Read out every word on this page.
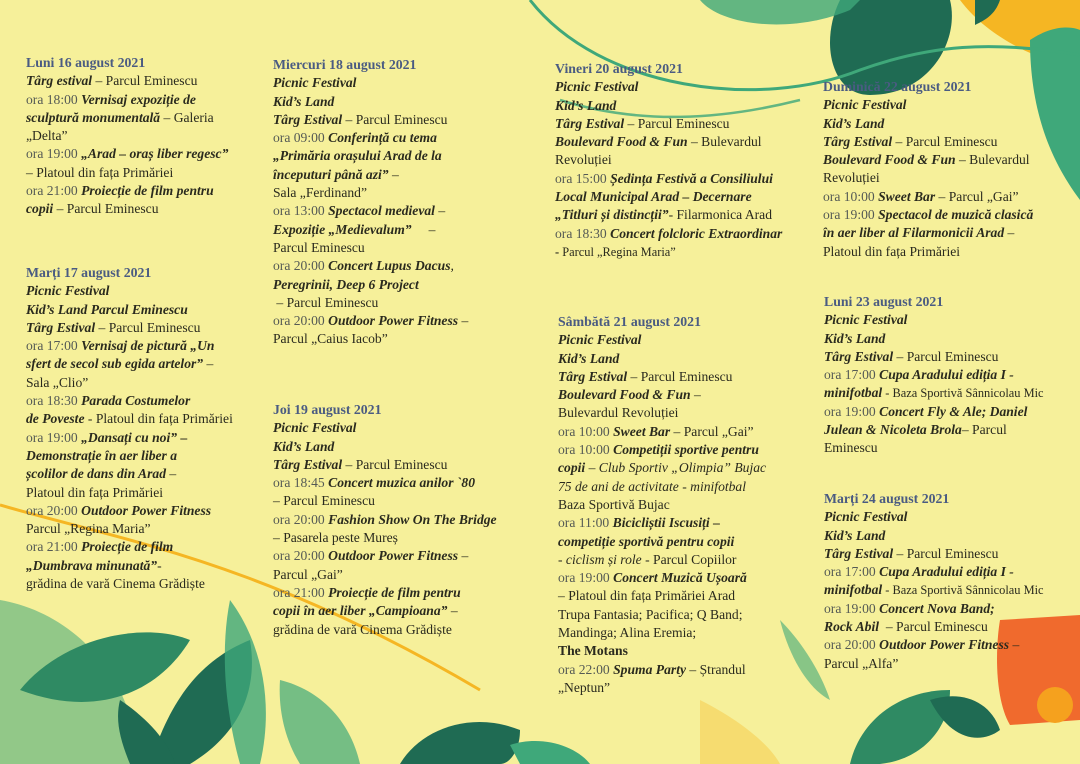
Luni 16 august 2021
Târg estival – Parcul Eminescu
ora 18:00 Vernisaj expoziție de
sculptură monumentală – Galeria
„Delta”
ora 19:00 „Arad – oraș liber regesc”
– Platoul din fața Primăriei
ora 21:00 Proiecție de film pentru
copii – Parcul Eminescu
Marți 17 august 2021
Picnic Festival
Kid’s Land Parcul Eminescu
Târg Estival – Parcul Eminescu
ora 17:00 Vernisaj de pictură „Un
sfert de secol sub egida artelor” –
Sala „Clio”
ora 18:30 Parada Costumelor
de Poveste - Platoul din fața Primăriei
ora 19:00 „Dansați cu noi” –
Demonstrație în aer liber a
școlilor de dans din Arad –
Platoul din fața Primăriei
ora 20:00 Outdoor Power Fitness
Parcul „Regina Maria”
ora 21:00 Proiecție de film
„Dumbrava minunată”-
grădina de vară Cinema Grădiște
Miercuri 18 august 2021
Picnic Festival
Kid’s Land
Târg Estival – Parcul Eminescu
ora 09:00 Conferință cu tema
„Primăria orașului Arad de la
începuturi până azi” –
Sala „Ferdinand”
ora 13:00 Spectacol medieval –
Expoziție „Medievalum”     –
Parcul Eminescu
ora 20:00 Concert Lupus Dacus,
Peregrinii, Deep 6 Project
– Parcul Eminescu
ora 20:00 Outdoor Power Fitness –
Parcul „Caius Iacob”
Joi 19 august 2021
Picnic Festival
Kid’s Land
Târg Estival – Parcul Eminescu
ora 18:45 Concert muzica anilor `80
– Parcul Eminescu
ora 20:00 Fashion Show On The Bridge
– Pasarela peste Mureș
ora 20:00 Outdoor Power Fitness –
Parcul „Gai”
ora 21:00 Proiecție de film pentru
copii în aer liber „Campioana” –
grădina de vară Cinema Grădiște
Vineri 20 august 2021
Picnic Festival
Kid’s Land
Târg Estival – Parcul Eminescu
Boulevard Food & Fun – Bulevardul
Revoluției
ora 15:00 Ședința Festivă a Consiliului
Local Municipal Arad – Decernare
„Titluri și distincții”- Filarmonica Arad
ora 18:30 Concert folcloric Extraordinar
- Parcul „Regina Maria”
Sâmbătă 21 august 2021
Picnic Festival
Kid’s Land
Târg Estival – Parcul Eminescu
Boulevard Food & Fun –
Bulevardul Revoluției
ora 10:00 Sweet Bar – Parcul „Gai”
ora 10:00 Competiții sportive pentru
copii – Club Sportiv „Olimpia” Bujac
75 de ani de activitate - minifotbal
Baza Sportivă Bujac
ora 11:00 Bicicliștii Iscusiți –
competiție sportivă pentru copii
- ciclism și role - Parcul Copiilor
ora 19:00 Concert Muzică Ușoară
– Platoul din fața Primăriei Arad
Trupa Fantasia; Pacifica; Q Band;
Mandinga; Alina Eremia;
The Motans
ora 22:00 Spuma Party – Ștrandul
„Neptun”
Duminică 22 august 2021
Picnic Festival
Kid’s Land
Târg Estival – Parcul Eminescu
Boulevard Food & Fun – Bulevardul
Revoluției
ora 10:00 Sweet Bar – Parcul „Gai”
ora 19:00 Spectacol de muzică clasică
în aer liber al Filarmonicii Arad –
Platoul din fața Primăriei
Luni 23 august 2021
Picnic Festival
Kid’s Land
Târg Estival – Parcul Eminescu
ora 17:00 Cupa Aradului ediția I -
minifotbal - Baza Sportivă Sânnicolau Mic
ora 19:00 Concert Fly & Ale; Daniel
Julean & Nicoleta Brola– Parcul
Eminescu
Marți 24 august 2021
Picnic Festival
Kid’s Land
Târg Estival – Parcul Eminescu
ora 17:00 Cupa Aradului ediția I -
minifotbal - Baza Sportivă Sânnicolau Mic
ora 19:00 Concert Nova Band;
Rock Abil  – Parcul Eminescu
ora 20:00 Outdoor Power Fitness –
Parcul „Alfa”
